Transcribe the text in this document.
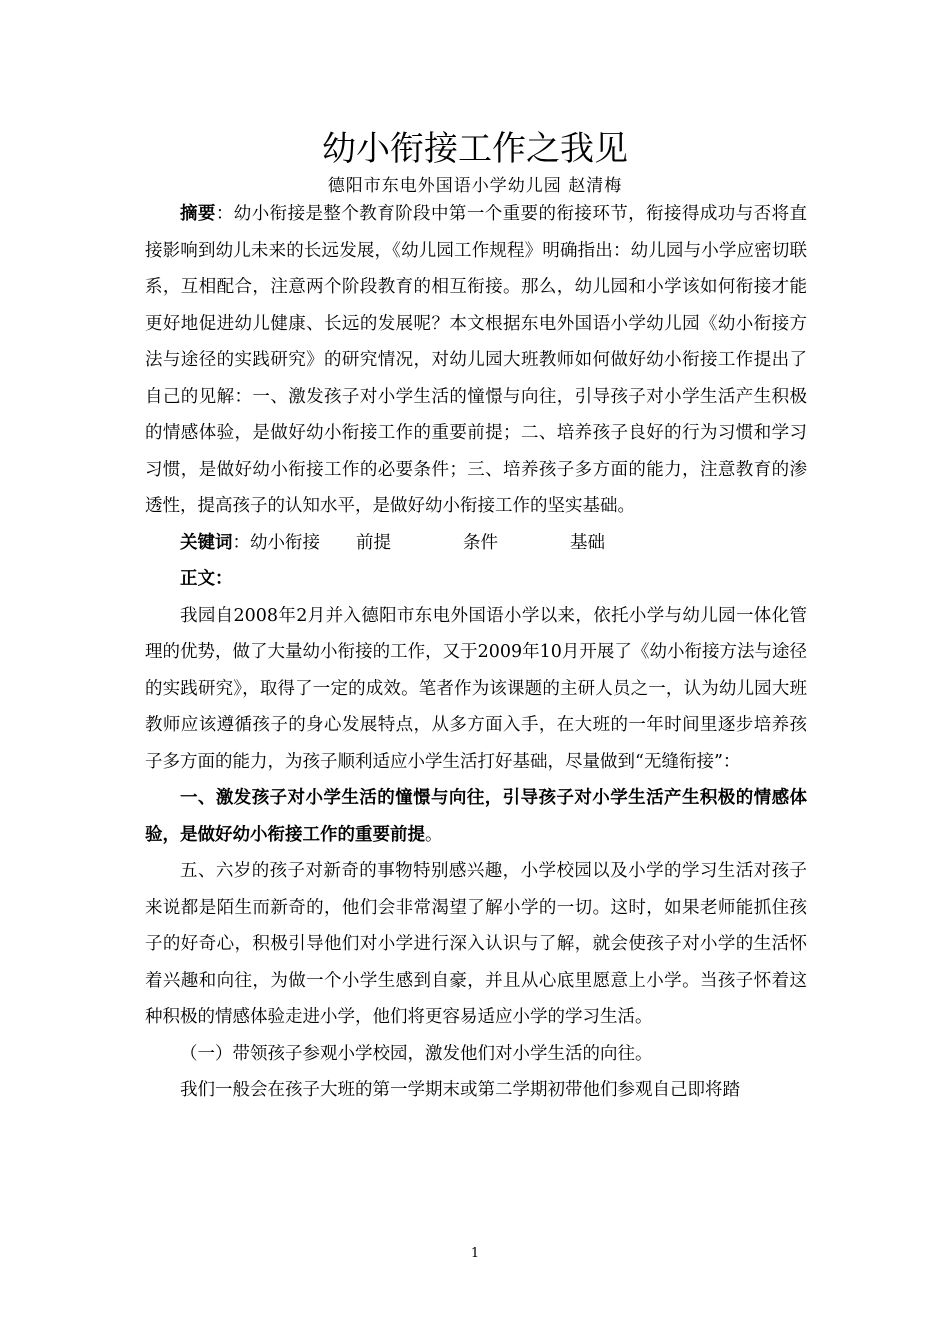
幼小衔接工作之我见
德阳市东电外国语小学幼儿园 赵清梅

摘要：幼小衔接是整个教育阶段中第一个重要的衔接环节，衔接得成功与否将直接影响到幼儿未来的长远发展，《幼儿园工作规程》明确指出：幼儿园与小学应密切联系，互相配合，注意两个阶段教育的相互衔接。那么，幼儿园和小学该如何衔接才能更好地促进幼儿健康、长远的发展呢？本文根据东电外国语小学幼儿园《幼小衔接方法与途径的实践研究》的研究情况，对幼儿园大班教师如何做好幼小衔接工作提出了自己的见解：一、激发孩子对小学生活的憧憬与向往，引导孩子对小学生活产生积极的情感体验，是做好幼小衔接工作的重要前提；二、培养孩子良好的行为习惯和学习习惯，是做好幼小衔接工作的必要条件；三、培养孩子多方面的能力，注意教育的渗透性，提高孩子的认知水平，是做好幼小衔接工作的坚实基础。

关键词：幼小衔接 前提	条件	基础

正文：

我园自2008年2月并入德阳市东电外国语小学以来，依托小学与幼儿园一体化管理的优势，做了大量幼小衔接的工作，又于2009年10月开展了《幼小衔接方法与途径的实践研究》，取得了一定的成效。笔者作为该课题的主研人员之一，认为幼儿园大班教师应该遵循孩子的身心发展特点，从多方面入手，在大班的一年时间里逐步培养孩子多方面的能力，为孩子顺利适应小学生活打好基础，尽量做到“无缝衔接”：

一、激发孩子对小学生活的憧憬与向往，引导孩子对小学生活产生积极的情感体验，是做好幼小衔接工作的重要前提。

五、六岁的孩子对新奇的事物特别感兴趣，小学校园以及小学的学习生活对孩子来说都是陌生而新奇的，他们会非常渴望了解小学的一切。这时，如果老师能抓住孩子的好奇心，积极引导他们对小学进行深入认识与了解，就会使孩子对小学的生活怀着兴趣和向往，为做一个小学生感到自豪，并且从心底里愿意上小学。当孩子怀着这种积极的情感体验走进小学，他们将更容易适应小学的学习生活。

（一）带领孩子参观小学校园，激发他们对小学生活的向往。

我们一般会在孩子大班的第一学期末或第二学期初带他们参观自己即将踏

1
